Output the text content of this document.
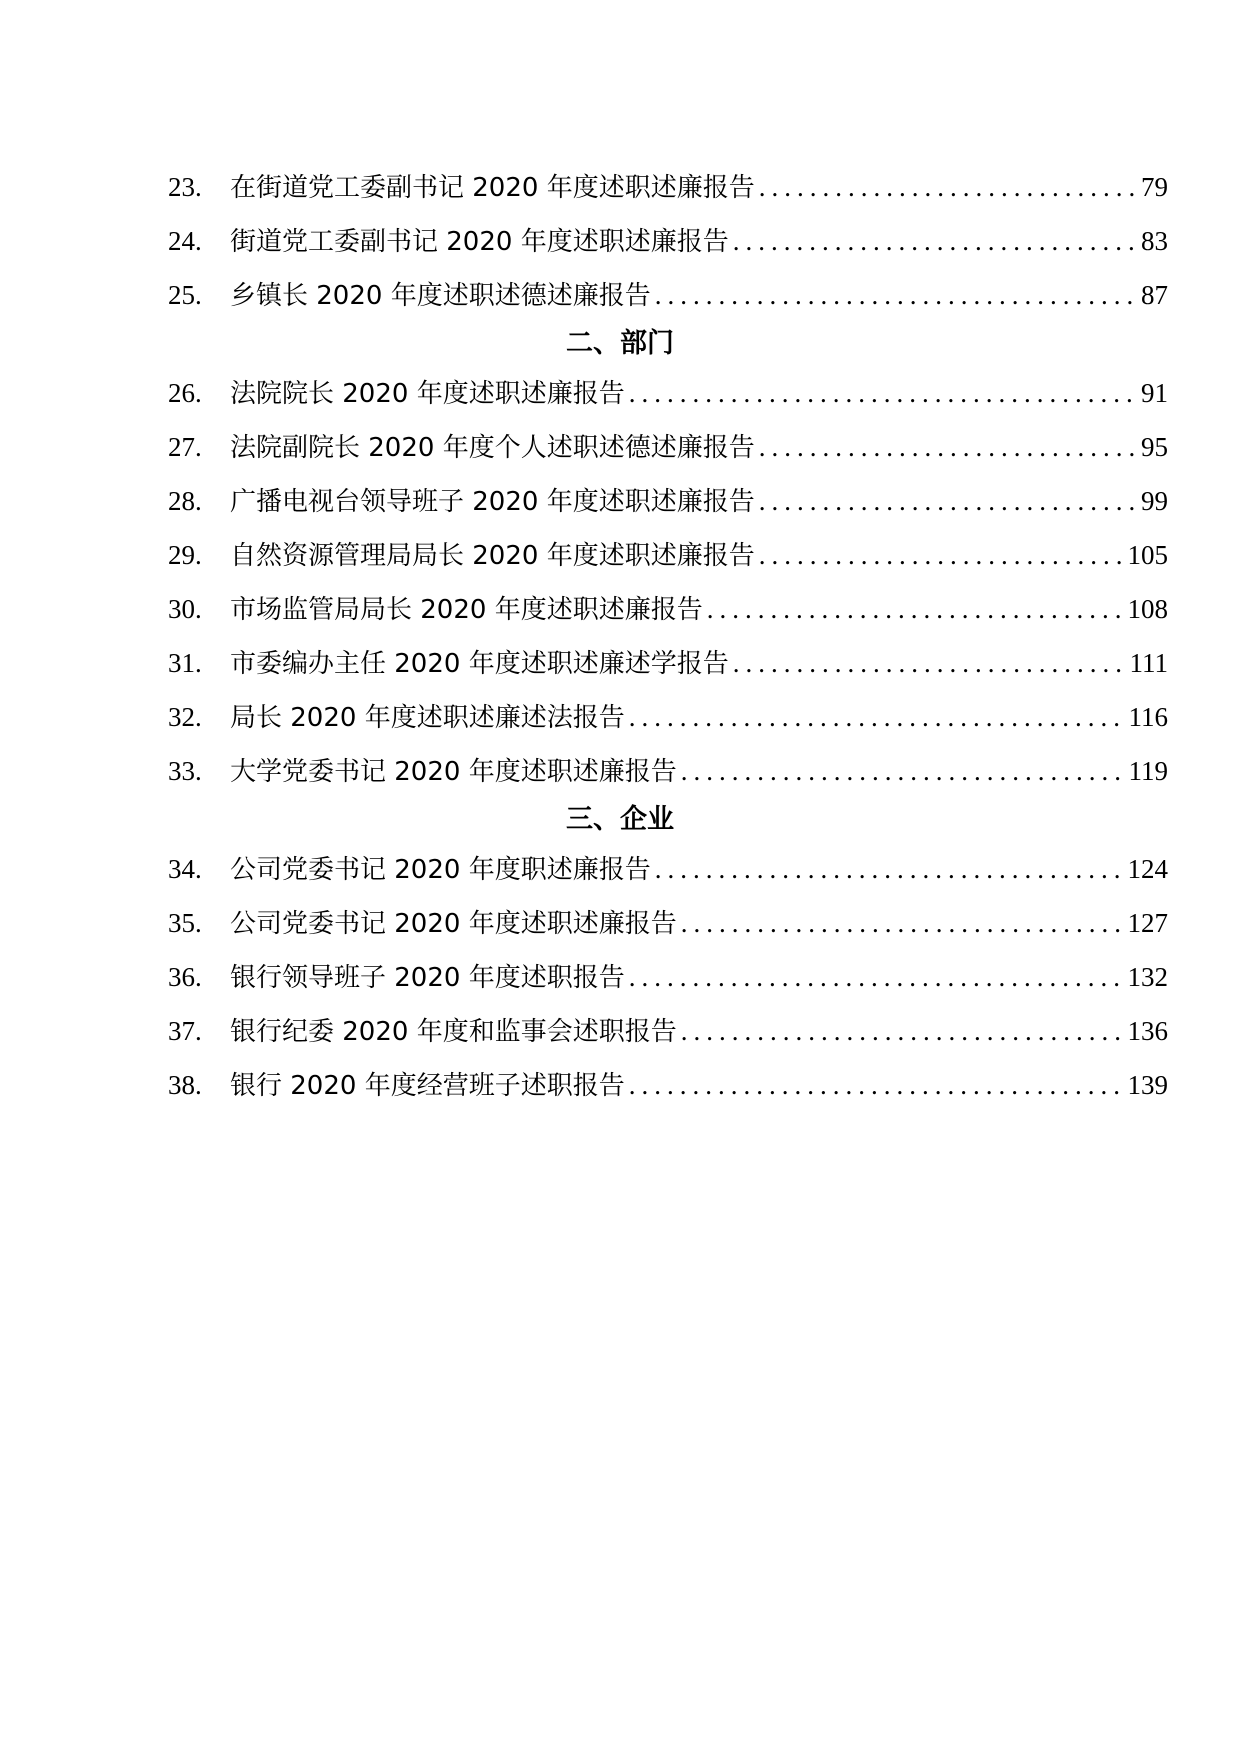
23.	在街道党工委副书记 2020 年度述职述廉报告 .....	79
24.	街道党工委副书记 2020 年度述职述廉报告 .....	83
25.	乡镇长 2020 年度述职述德述廉报告 .....	87
二、部门
26.	法院院长 2020 年度述职述廉报告 .....	91
27.	法院副院长 2020 年度个人述职述德述廉报告 .....	95
28.	广播电视台领导班子 2020 年度述职述廉报告 .....	99
29.	自然资源管理局局长 2020 年度述职述廉报告 .....	105
30.	市场监管局局长 2020 年度述职述廉报告 .....	108
31.	市委编办主任 2020 年度述职述廉述学报告 .....	111
32.	局长 2020 年度述职述廉述法报告 .....	116
33.	大学党委书记 2020 年度述职述廉报告 .....	119
三、企业
34.	公司党委书记 2020 年度职述廉报告 .....	124
35.	公司党委书记 2020 年度述职述廉报告 .....	127
36.	银行领导班子 2020 年度述职报告 .....	132
37.	银行纪委 2020 年度和监事会述职报告 .....	136
38.	银行 2020 年度经营班子述职报告 .....	139
